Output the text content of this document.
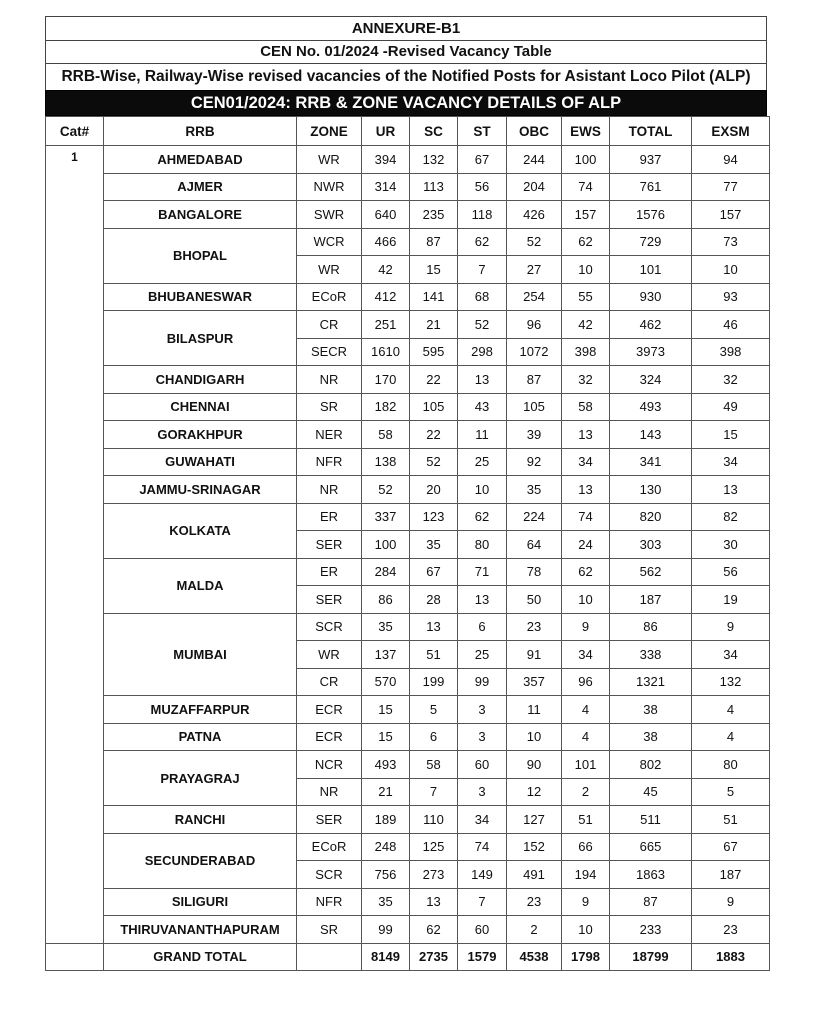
ANNEXURE-B1
CEN No. 01/2024 -Revised Vacancy Table
RRB-Wise, Railway-Wise revised vacancies of the Notified Posts for Asistant Loco Pilot (ALP)
CEN01/2024: RRB & ZONE VACANCY DETAILS OF ALP
Cat#	RRB	ZONE	UR	SC	ST	OBC	EWS	TOTAL	EXSM
1	AHMEDABAD	WR	394	132	67	244	100	937	94
	AJMER	NWR	314	113	56	204	74	761	77
	BANGALORE	SWR	640	235	118	426	157	1576	157
	BHOPAL	WCR	466	87	62	52	62	729	73
		WR	42	15	7	27	10	101	10
	BHUBANESWAR	ECoR	412	141	68	254	55	930	93
	BILASPUR	CR	251	21	52	96	42	462	46
		SECR	1610	595	298	1072	398	3973	398
	CHANDIGARH	NR	170	22	13	87	32	324	32
	CHENNAI	SR	182	105	43	105	58	493	49
	GORAKHPUR	NER	58	22	11	39	13	143	15
	GUWAHATI	NFR	138	52	25	92	34	341	34
	JAMMU-SRINAGAR	NR	52	20	10	35	13	130	13
	KOLKATA	ER	337	123	62	224	74	820	82
		SER	100	35	80	64	24	303	30
	MALDA	ER	284	67	71	78	62	562	56
		SER	86	28	13	50	10	187	19
	MUMBAI	SCR	35	13	6	23	9	86	9
		WR	137	51	25	91	34	338	34
		CR	570	199	99	357	96	1321	132
	MUZAFFARPUR	ECR	15	5	3	11	4	38	4
	PATNA	ECR	15	6	3	10	4	38	4
	PRAYAGRAJ	NCR	493	58	60	90	101	802	80
		NR	21	7	3	12	2	45	5
	RANCHI	SER	189	110	34	127	51	511	51
	SECUNDERABAD	ECoR	248	125	74	152	66	665	67
		SCR	756	273	149	491	194	1863	187
	SILIGURI	NFR	35	13	7	23	9	87	9
	THIRUVANANTHAPURAM	SR	99	62	60	2	10	233	23
	GRAND TOTAL		8149	2735	1579	4538	1798	18799	1883
